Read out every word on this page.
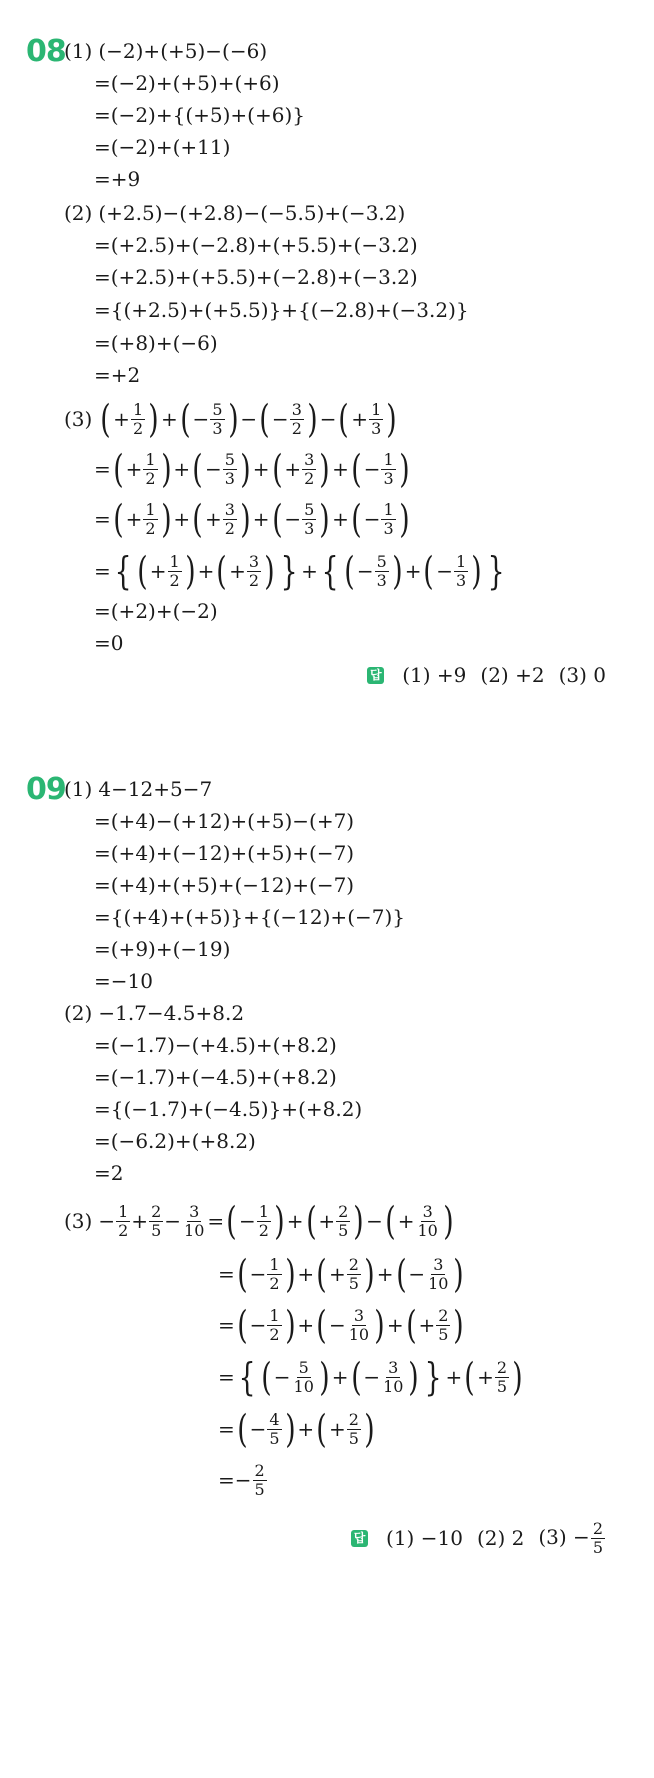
08
(1) (−2)+(+5)−(−6)
=(−2)+(+5)+(+6)
=(−2)+{(+5)+(+6)}
=(−2)+(+11)
=+9
(2) (+2.5)−(+2.8)−(−5.5)+(−3.2)
=(+2.5)+(−2.8)+(+5.5)+(−3.2)
=(+2.5)+(+5.5)+(−2.8)+(−3.2)
={(+2.5)+(+5.5)}+{(−2.8)+(−3.2)}
=(+8)+(−6)
=+2
(3) ( + $\frac{1}{2}$ ) + ( − $\frac{5}{3}$ ) − ( − $\frac{3}{2}$ ) − ( + $\frac{1}{3}$ )
= ( + $\frac{1}{2}$ ) + ( − $\frac{5}{3}$ ) + ( + $\frac{3}{2}$ ) + ( − $\frac{1}{3}$ )
= ( + $\frac{1}{2}$ ) + ( + $\frac{3}{2}$ ) + ( − $\frac{5}{3}$ ) + ( − $\frac{1}{3}$ )
= { ( + $\frac{1}{2}$ ) + ( + $\frac{3}{2}$ ) } + { ( − $\frac{5}{3}$ ) + ( − $\frac{1}{3}$ ) }
=(+2)+(−2)
=0
답 (1) +9 (2) +2 (3) 0
09
(1) 4−12+5−7
=(+4)−(+12)+(+5)−(+7)
=(+4)+(−12)+(+5)+(−7)
=(+4)+(+5)+(−12)+(−7)
={(+4)+(+5)}+{(−12)+(−7)}
=(+9)+(−19)
=−10
(2) −1.7−4.5+8.2
=(−1.7)−(+4.5)+(+8.2)
=(−1.7)+(−4.5)+(+8.2)
={(−1.7)+(−4.5)}+(+8.2)
=(−6.2)+(+8.2)
=2
$(3) - \frac{1}{2} + \frac{2}{5} - \frac{3}{10}$ = ( − $\frac{1}{2}$ ) + ( + $\frac{2}{5}$ ) − ( + $\frac{3}{10}$ )
= ( − $\frac{1}{2}$ ) + ( + $\frac{2}{5}$ ) + ( − $\frac{3}{10}$ )
= ( − $\frac{1}{2}$ ) + ( − $\frac{3}{10}$ ) + ( + $\frac{2}{5}$ )
= { ( − $\frac{5}{10}$ ) + ( − $\frac{3}{10}$ ) } + ( + $\frac{2}{5}$ )
= ( − $\frac{4}{5}$ ) + ( + $\frac{2}{5}$ )
=− $\frac{2}{5}$
답 (1) −10 (2) 2 $(3) - \frac{2}{5}$
